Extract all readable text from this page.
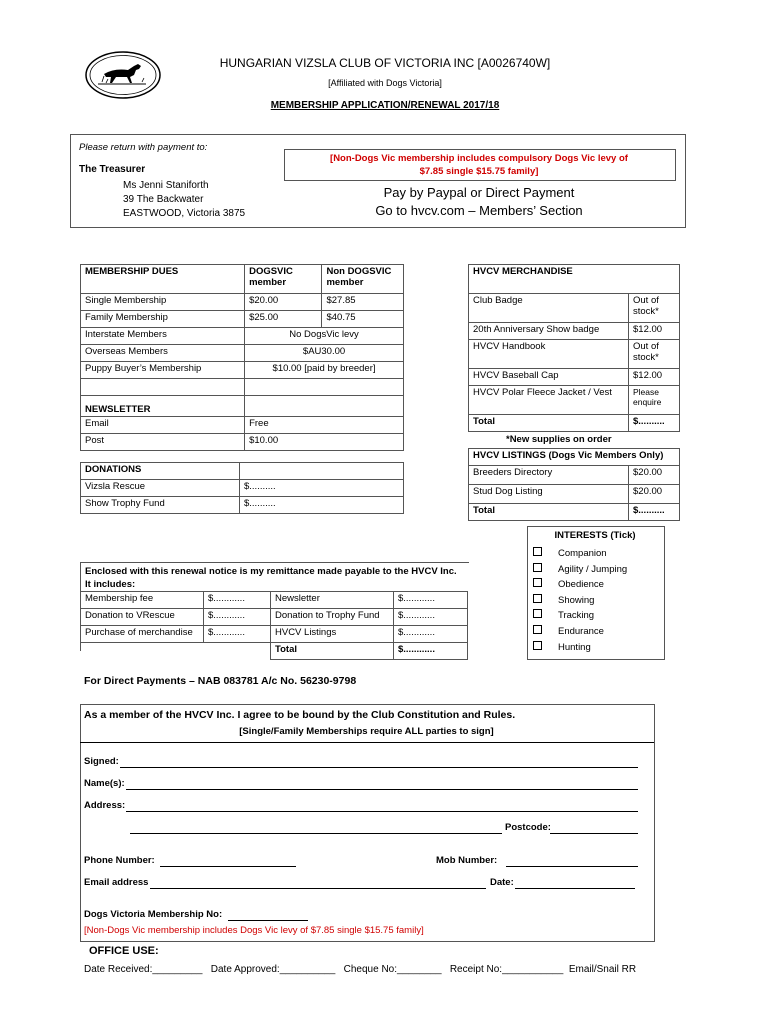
HUNGARIAN VIZSLA CLUB OF VICTORIA INC [A0026740W]
[Affiliated with Dogs Victoria]
MEMBERSHIP APPLICATION/RENEWAL 2017/18
Please return with payment to:
The Treasurer
Ms Jenni Staniforth
39 The Backwater
EASTWOOD, Victoria 3875
[Non-Dogs Vic membership includes compulsory Dogs Vic levy of
$7.85 single $15.75 family]
Pay by Paypal or Direct Payment
Go to hvcv.com – Members’ Section
MEMBERSHIP DUES	DOGSVIC member	Non DOGSVIC member
Single Membership	$20.00	$27.85
Family Membership	$25.00	$40.75
Interstate Members	No DogsVic levy	
Overseas Members	$AU30.00	
Puppy Buyer’s Membership	$10.00 [paid by breeder]	

NEWSLETTER		
Email	Free	
Post	$10.00	
DONATIONS	
Vizsla Rescue	$..........
Show Trophy Fund	$..........
HVCV MERCHANDISE	
Club Badge	Out of stock*
20th Anniversary Show badge	$12.00
HVCV Handbook	Out of stock*
HVCV Baseball Cap	$12.00
HVCV Polar Fleece Jacket / Vest	Please enquire
Total	$..........
*New supplies on order
HVCV LISTINGS (Dogs Vic Members Only)	
Breeders Directory	$20.00
Stud Dog Listing	$20.00
Total	$..........
INTERESTS (Tick)
Companion
Agility / Jumping
Obedience
Showing
Tracking
Endurance
Hunting
Enclosed with this renewal notice is my remittance made payable to the HVCV Inc.
It includes:
Membership fee	$............	Newsletter	$............
Donation to VRescue	$............	Donation to Trophy Fund	$............
Purchase of merchandise	$............	HVCV Listings	$............
		Total	$............
For Direct Payments – NAB 083781 A/c No. 56230-9798
As a member of the HVCV Inc. I agree to be bound by the Club Constitution and Rules.
[Single/Family Memberships require ALL parties to sign]
Signed:
Name(s):
Address:
Postcode:
Phone Number:	Mob Number:
Email address	Date:
Dogs Victoria Membership No:
[Non-Dogs Vic membership includes Dogs Vic levy of $7.85 single $15.75 family]
OFFICE USE:
Date Received:_________   Date Approved:__________   Cheque No:________   Receipt No:___________  Email/Snail RR
